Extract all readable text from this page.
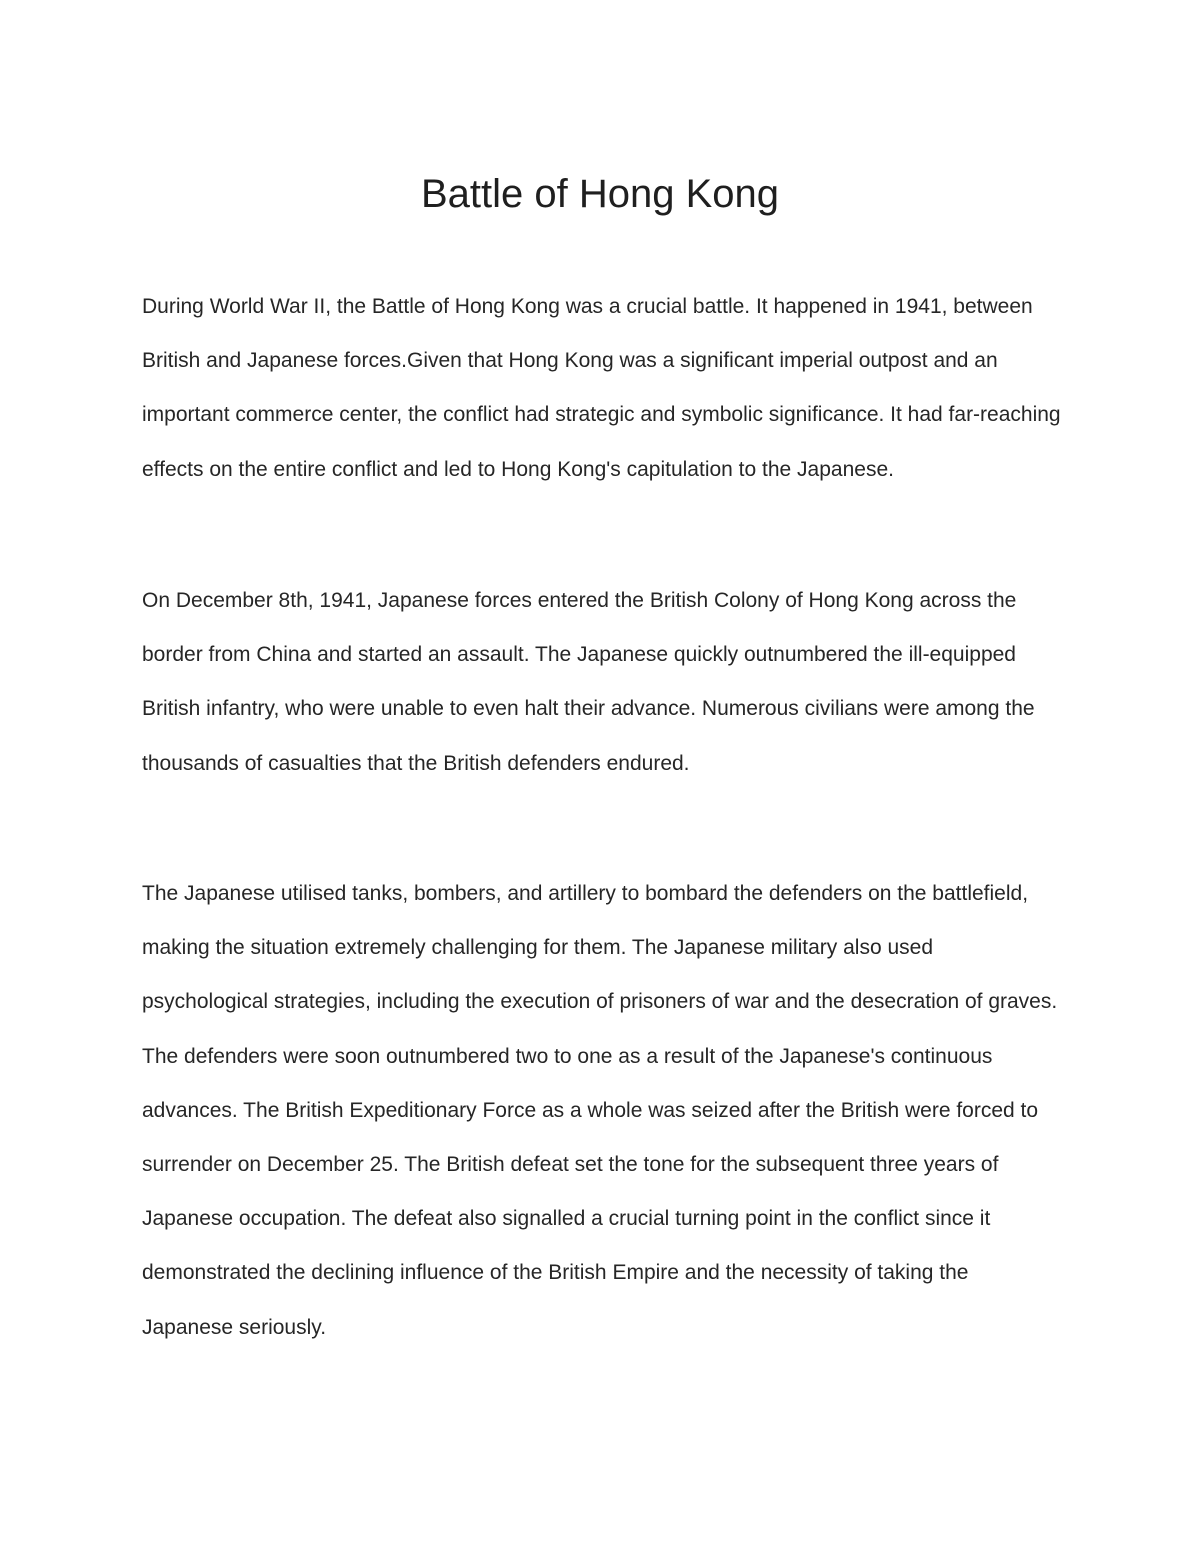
Battle of Hong Kong

During World War II, the Battle of Hong Kong was a crucial battle. It happened in 1941, between British and Japanese forces.Given that Hong Kong was a significant imperial outpost and an important commerce center, the conflict had strategic and symbolic significance. It had far-reaching effects on the entire conflict and led to Hong Kong's capitulation to the Japanese.

On December 8th, 1941, Japanese forces entered the British Colony of Hong Kong across the border from China and started an assault. The Japanese quickly outnumbered the ill-equipped British infantry, who were unable to even halt their advance. Numerous civilians were among the thousands of casualties that the British defenders endured.

The Japanese utilised tanks, bombers, and artillery to bombard the defenders on the battlefield, making the situation extremely challenging for them. The Japanese military also used psychological strategies, including the execution of prisoners of war and the desecration of graves. The defenders were soon outnumbered two to one as a result of the Japanese's continuous advances. The British Expeditionary Force as a whole was seized after the British were forced to surrender on December 25. The British defeat set the tone for the subsequent three years of Japanese occupation. The defeat also signalled a crucial turning point in the conflict since it demonstrated the declining influence of the British Empire and the necessity of taking the Japanese seriously.
